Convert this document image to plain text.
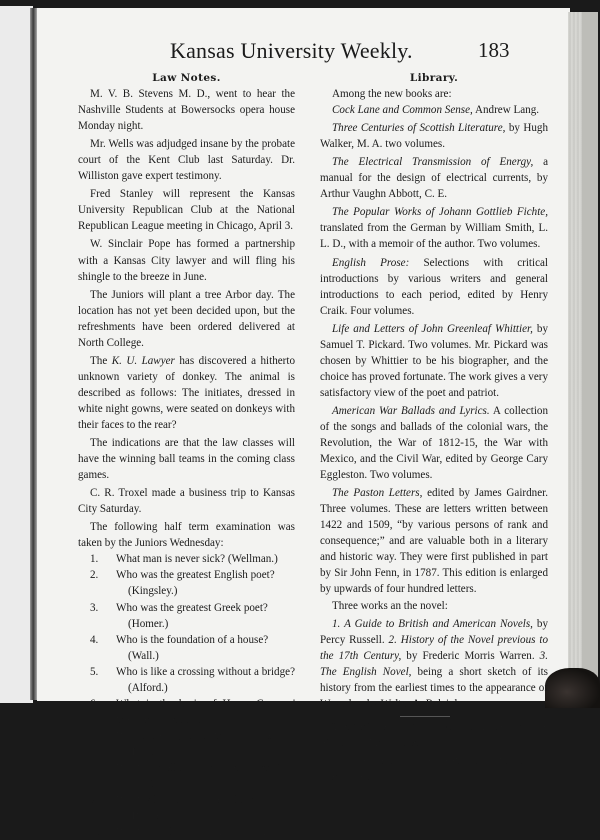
Kansas University Weekly.	183
Law Notes.

M. V. B. Stevens M. D., went to hear the Nashville Students at Bowersocks opera house Monday night.

Mr. Wells was adjudged insane by the probate court of the Kent Club last Saturday. Dr. Williston gave expert testimony.

Fred Stanley will represent the Kansas University Republican Club at the National Republican League meeting in Chicago, April 3.

W. Sinclair Pope has formed a partnership with a Kansas City lawyer and will fling his shingle to the breeze in June.

The Juniors will plant a tree Arbor day. The location has not yet been decided upon, but the refreshments have been ordered delivered at North College.

The K. U. Lawyer has discovered a hitherto unknown variety of donkey. The animal is described as follows: The initiates, dressed in white night gowns, were seated on donkeys with their faces to the rear?

The indications are that the law classes will have the winning ball teams in the coming class games.

C. R. Troxel made a business trip to Kansas City Saturday.

The following half term examination was taken by the Juniors Wednesday:

1.	What man is never sick? (Wellman.)
2.	Who was the greatest English poet?
(Kingsley.)
3.	Who was the greatest Greek poet?
(Homer.)
4.	Who is the foundation of a house?
(Wall.)
5.	Who is like a crossing without a bridge?
(Alford.)
6.	What is the basis of Henry Georges' theories? (Freeland.)
7.	Who is the highest Catholic official?
(Pope.)
8.	What is smaller than a slice of bread?
(A. Crum.)
9.	What will fire do to the little baby?
(Burney.)
10.	What is a full grown pig? (A. Hogg.)
Library.

Among the new books are:

Cock Lane and Common Sense, Andrew Lang.

Three Centuries of Scottish Literature, by Hugh Walker, M. A. two volumes.

The Electrical Transmission of Energy, a manual for the design of electrical currents, by Arthur Vaughn Abbott, C. E.

The Popular Works of Johann Gottlieb Fichte, translated from the German by William Smith, L. L. D., with a memoir of the author. Two volumes.

English Prose: Selections with critical introductions by various writers and general introductions to each period, edited by Henry Craik. Four volumes.

Life and Letters of John Greenleaf Whittier, by Samuel T. Pickard. Two volumes. Mr. Pickard was chosen by Whittier to be his biographer, and the choice has proved fortunate. The work gives a very satisfactory view of the poet and patriot.

American War Ballads and Lyrics. A collection of the songs and ballads of the colonial wars, the Revolution, the War of 1812-15, the War with Mexico, and the Civil War, edited by George Cary Eggleston. Two volumes.

The Paston Letters, edited by James Gairdner. Three volumes. These are letters written between 1422 and 1509, “by various persons of rank and consequence;” and are valuable both in a literary and historic way. They were first published in part by Sir John Fenn, in 1787. This edition is enlarged by upwards of four hundred letters.

Three works an the novel:

1. A Guide to British and American Novels, by Percy Russell. 2. History of the Novel previous to the 17th Century, by Frederic Morris Warren. 3. The English Novel, being a short sketch of its history from the earliest times to the appearance of Waverley, by Walter A. Raleigh.

The best place to buy shoes is at The Cash Shoe Store. 823 Mass. street.

J. Lucas repairs shoes neatly. 900 Warren and Mass. street.
